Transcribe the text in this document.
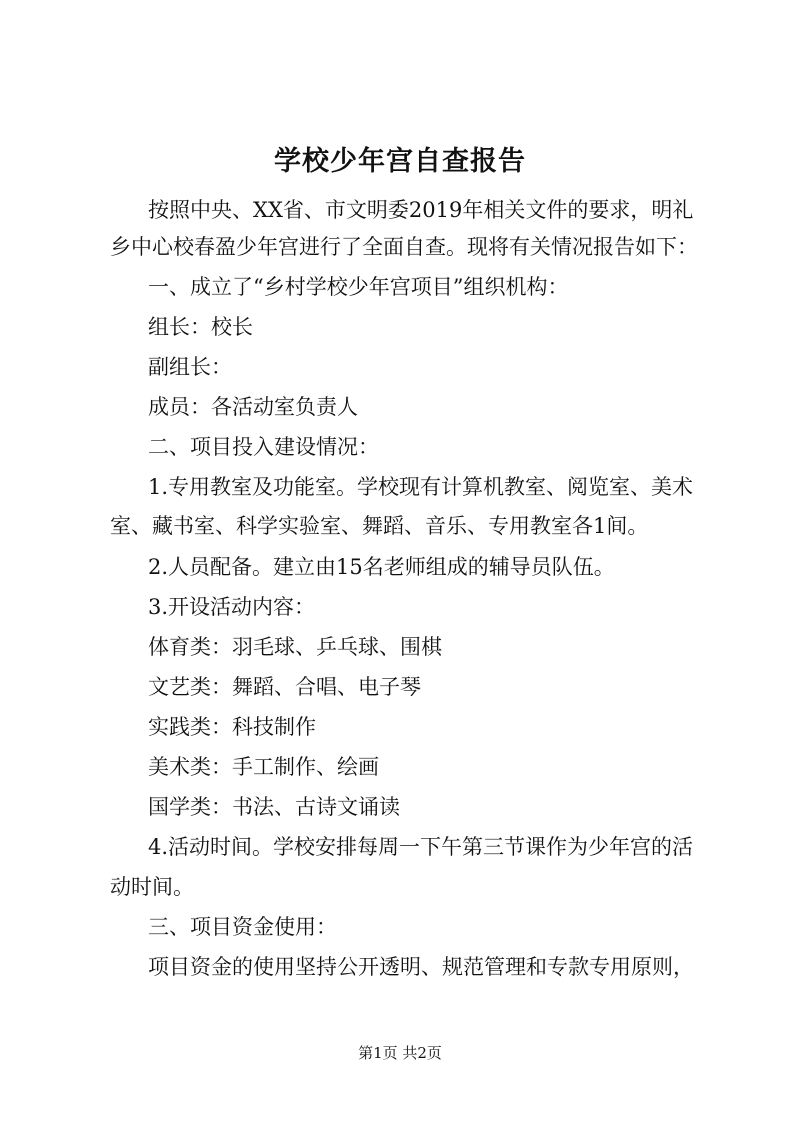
学校少年宫自查报告
按照中央、XX省、市文明委2019年相关文件的要求，明礼
乡中心校春盈少年宫进行了全面自查。现将有关情况报告如下：
一、成立了“乡村学校少年宫项目”组织机构：
组长：校长
副组长：
成员：各活动室负责人
二、项目投入建设情况：
1.专用教室及功能室。学校现有计算机教室、阅览室、美术
室、藏书室、科学实验室、舞蹈、音乐、专用教室各1间。
2.人员配备。建立由15名老师组成的辅导员队伍。
3.开设活动内容：
体育类：羽毛球、乒乓球、围棋
文艺类：舞蹈、合唱、电子琴
实践类：科技制作
美术类：手工制作、绘画
国学类：书法、古诗文诵读
4.活动时间。学校安排每周一下午第三节课作为少年宫的活
动时间。
三、项目资金使用：
项目资金的使用坚持公开透明、规范管理和专款专用原则，
第1页 共2页
